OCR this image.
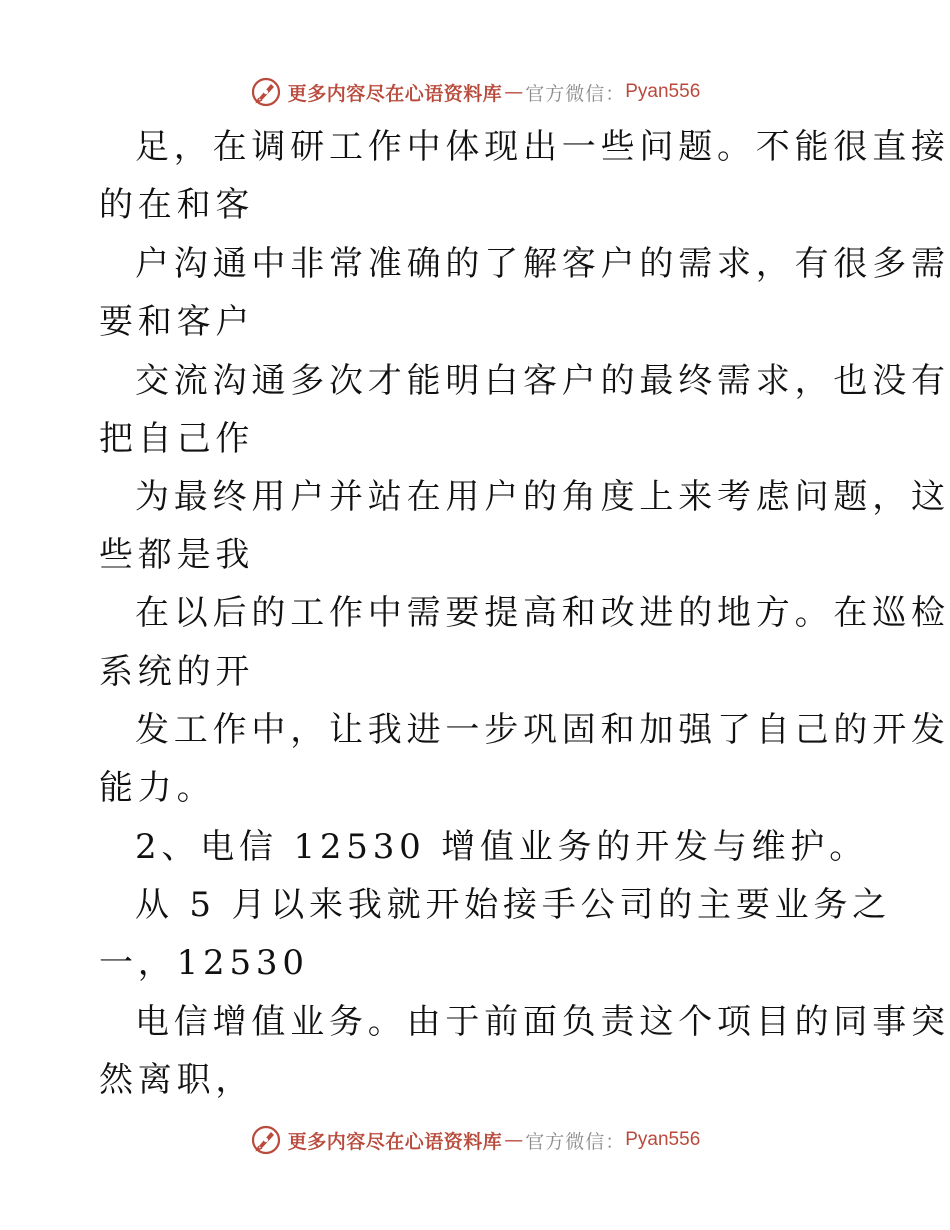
更多内容尽在心语资料库 — 官方微信： Pyan556
足，在调研工作中体现出一些问题。不能很直接
的在和客
户沟通中非常准确的了解客户的需求，有很多需
要和客户
交流沟通多次才能明白客户的最终需求，也没有
把自己作
为最终用户并站在用户的角度上来考虑问题，这
些都是我
在以后的工作中需要提高和改进的地方。在巡检
系统的开
发工作中，让我进一步巩固和加强了自己的开发
能力。
2、电信 12530 增值业务的开发与维护。
从 5 月以来我就开始接手公司的主要业务之
一，12530
电信增值业务。由于前面负责这个项目的同事突
然离职，
更多内容尽在心语资料库 — 官方微信： Pyan556
